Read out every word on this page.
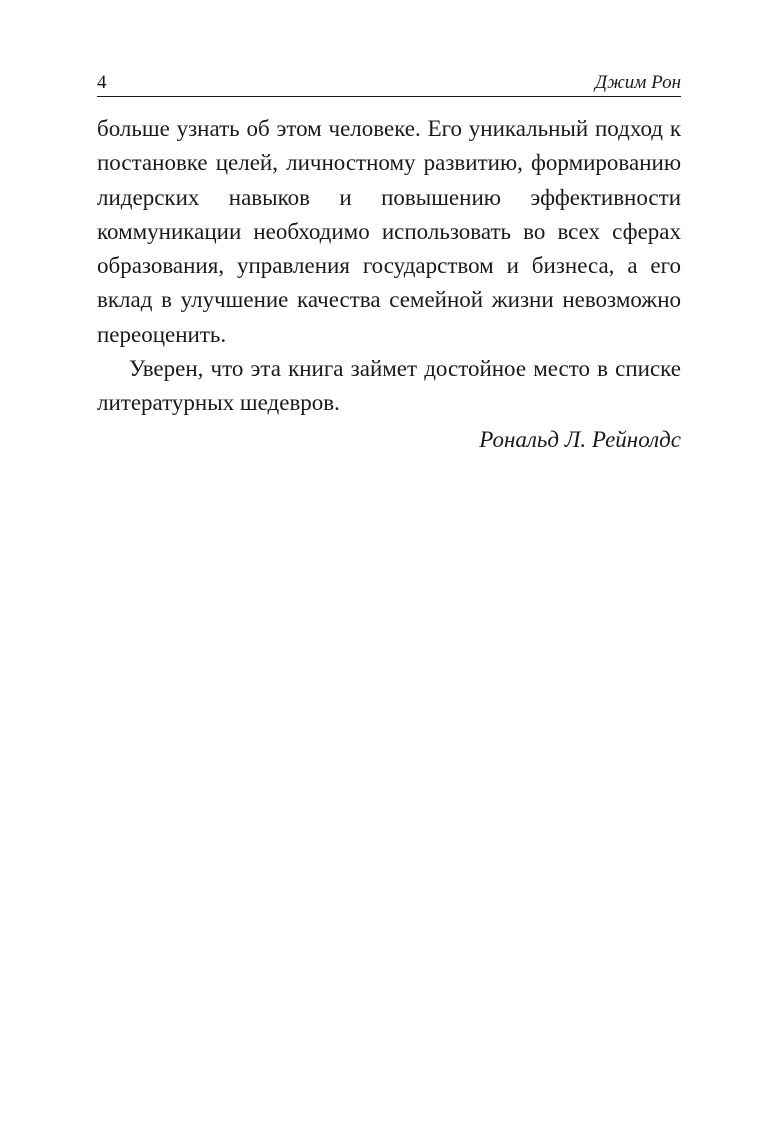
4	Джим Рон

больше узнать об этом человеке. Его уникальный подход к постановке целей, личностному развитию, формированию лидерских навыков и повышению эффективности коммуникации необходимо использовать во всех сферах образования, управления государством и бизнеса, а его вклад в улучшение качества семейной жизни невозможно переоценить.

Уверен, что эта книга займет достойное место в списке литературных шедевров.

Рональд Л. Рейнолдс
